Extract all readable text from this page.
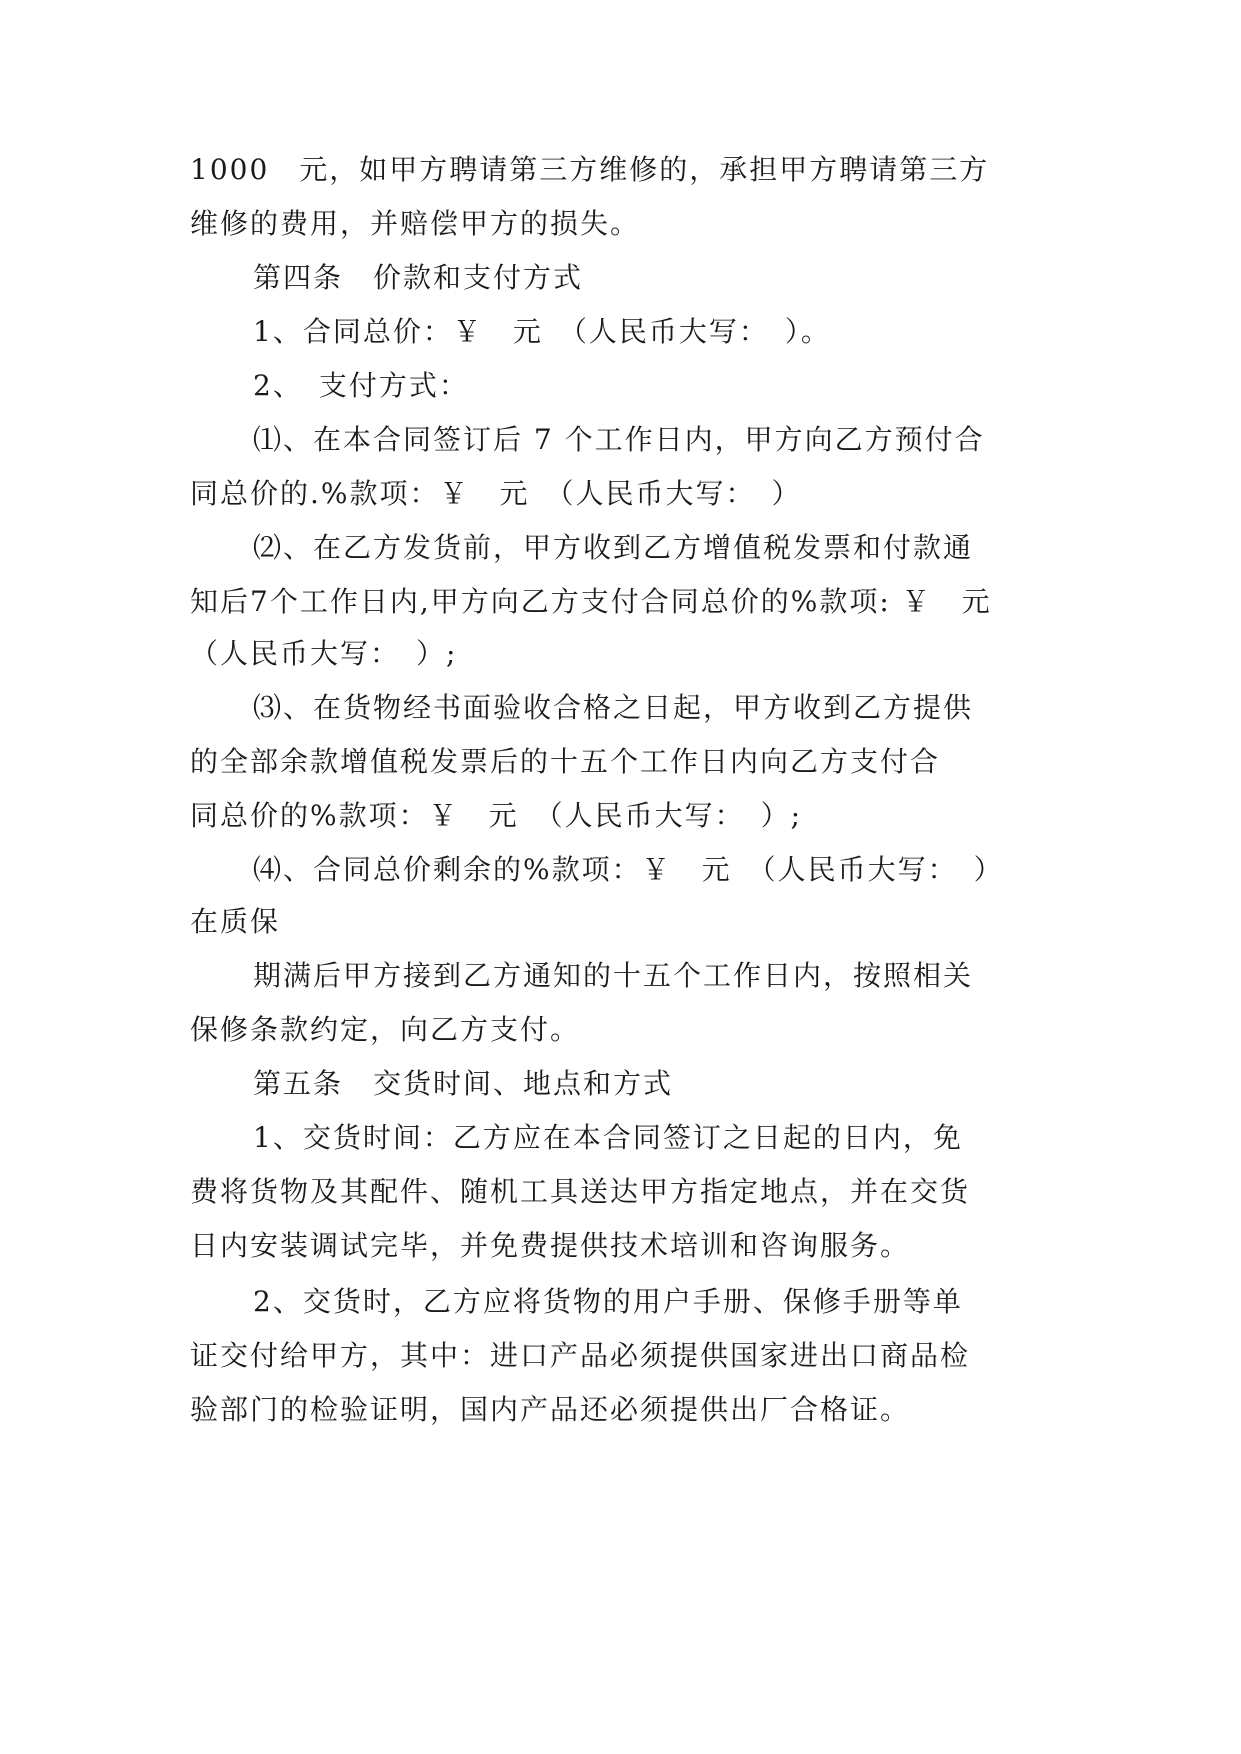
1000　元，如甲方聘请第三方维修的，承担甲方聘请第三方
维修的费用，并赔偿甲方的损失。
第四条　价款和支付方式
1、合同总价：￥　元　（人民币大写：　）。
2、　支付方式：
⑴、在本合同签订后 7 个工作日内，甲方向乙方预付合
同总价的.%款项：￥　元　（人民币大写：　）
⑵、在乙方发货前，甲方收到乙方增值税发票和付款通
知后7个工作日内,甲方向乙方支付合同总价的%款项: ￥　元
（人民币大写：　）;
⑶、在货物经书面验收合格之日起，甲方收到乙方提供
的全部余款增值税发票后的十五个工作日内向乙方支付合
同总价的%款项：￥　元　（人民币大写：　）;
⑷、合同总价剩余的%款项：￥　元　（人民币大写：　）
在质保
期满后甲方接到乙方通知的十五个工作日内，按照相关
保修条款约定，向乙方支付。
第五条　交货时间、地点和方式
1、交货时间：乙方应在本合同签订之日起的日内，免
费将货物及其配件、随机工具送达甲方指定地点，并在交货
日内安装调试完毕，并免费提供技术培训和咨询服务。
2、交货时，乙方应将货物的用户手册、保修手册等单
证交付给甲方，其中：进口产品必须提供国家进出口商品检
验部门的检验证明，国内产品还必须提供出厂合格证。
